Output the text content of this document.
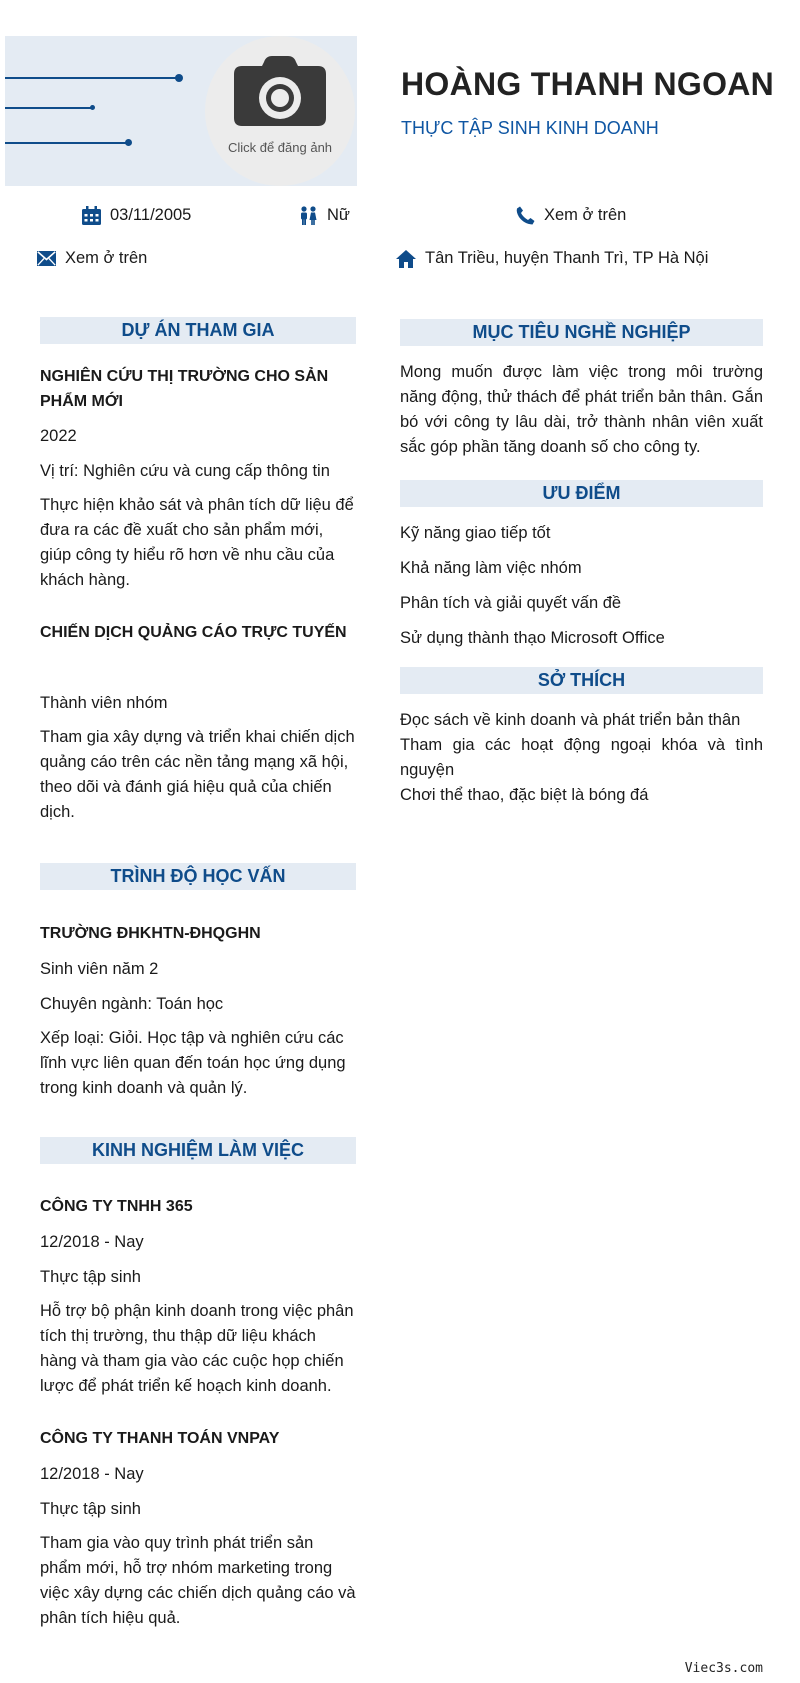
Click để đăng ảnh
HOÀNG THANH NGOAN
THỰC TẬP SINH KINH DOANH
03/11/2005	Nữ	Xem ở trên
Xem ở trên	Tân Triều, huyện Thanh Trì, TP Hà Nội
DỰ ÁN THAM GIA
NGHIÊN CỨU THỊ TRƯỜNG CHO SẢN PHẨM MỚI
2022
Vị trí: Nghiên cứu và cung cấp thông tin
Thực hiện khảo sát và phân tích dữ liệu để đưa ra các đề xuất cho sản phẩm mới, giúp công ty hiểu rõ hơn về nhu cầu của khách hàng.
CHIẾN DỊCH QUẢNG CÁO TRỰC TUYẾN
Thành viên nhóm
Tham gia xây dựng và triển khai chiến dịch quảng cáo trên các nền tảng mạng xã hội, theo dõi và đánh giá hiệu quả của chiến dịch.
TRÌNH ĐỘ HỌC VẤN
TRƯỜNG ĐHKHTN-ĐHQGHN
Sinh viên năm 2
Chuyên ngành: Toán học
Xếp loại: Giỏi. Học tập và nghiên cứu các lĩnh vực liên quan đến toán học ứng dụng trong kinh doanh và quản lý.
KINH NGHIỆM LÀM VIỆC
CÔNG TY TNHH 365
12/2018 - Nay
Thực tập sinh
Hỗ trợ bộ phận kinh doanh trong việc phân tích thị trường, thu thập dữ liệu khách hàng và tham gia vào các cuộc họp chiến lược để phát triển kế hoạch kinh doanh.
CÔNG TY THANH TOÁN VNPAY
12/2018 - Nay
Thực tập sinh
Tham gia vào quy trình phát triển sản phẩm mới, hỗ trợ nhóm marketing trong việc xây dựng các chiến dịch quảng cáo và phân tích hiệu quả.
MỤC TIÊU NGHỀ NGHIỆP
Mong muốn được làm việc trong môi trường năng động, thử thách để phát triển bản thân. Gắn bó với công ty lâu dài, trở thành nhân viên xuất sắc góp phần tăng doanh số cho công ty.
ƯU ĐIỂM
Kỹ năng giao tiếp tốt
Khả năng làm việc nhóm
Phân tích và giải quyết vấn đề
Sử dụng thành thạo Microsoft Office
SỞ THÍCH
Đọc sách về kinh doanh và phát triển bản thân
Tham gia các hoạt động ngoại khóa và tình nguyện
Chơi thể thao, đặc biệt là bóng đá
Viec3s.com
